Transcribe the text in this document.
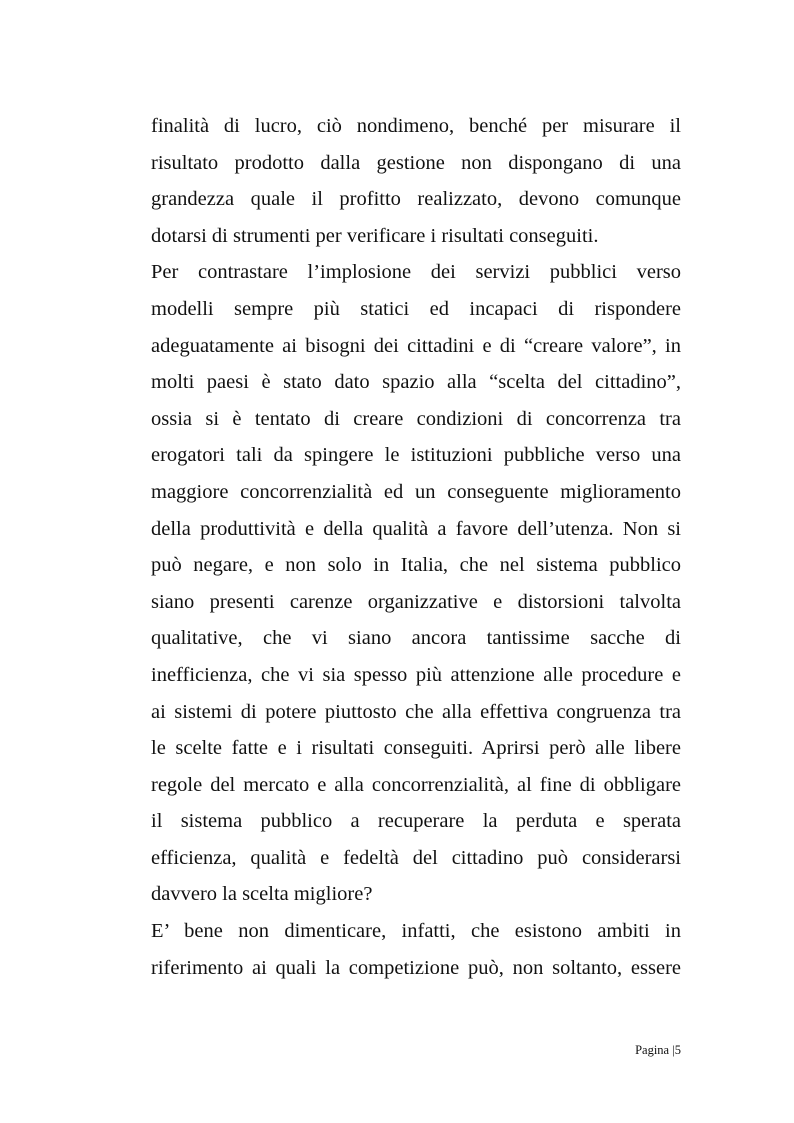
finalità di lucro, ciò nondimeno, benché per misurare il
risultato prodotto dalla gestione non dispongano di una
grandezza quale il profitto realizzato, devono comunque
dotarsi di strumenti per verificare i risultati conseguiti.
Per contrastare l’implosione dei servizi pubblici verso
modelli sempre più statici ed incapaci di rispondere
adeguatamente ai bisogni dei cittadini e di “creare valore”, in
molti paesi è stato dato spazio alla “scelta del cittadino”,
ossia si è tentato di creare condizioni di concorrenza tra
erogatori tali da spingere le istituzioni pubbliche verso una
maggiore concorrenzialità ed un conseguente miglioramento
della produttività e della qualità a favore dell’utenza. Non si
può negare, e non solo in Italia, che nel sistema pubblico
siano presenti carenze organizzative e distorsioni talvolta
qualitative, che vi siano ancora tantissime sacche di
inefficienza, che vi sia spesso più attenzione alle procedure e
ai sistemi di potere piuttosto che alla effettiva congruenza tra
le scelte fatte e i risultati conseguiti. Aprirsi però alle libere
regole del mercato e alla concorrenzialità, al fine di obbligare
il sistema pubblico a recuperare la perduta e sperata
efficienza, qualità e fedeltà del cittadino può considerarsi
davvero la scelta migliore?
E’ bene non dimenticare, infatti, che esistono ambiti in
riferimento ai quali la competizione può, non soltanto, essere
Pagina |5
